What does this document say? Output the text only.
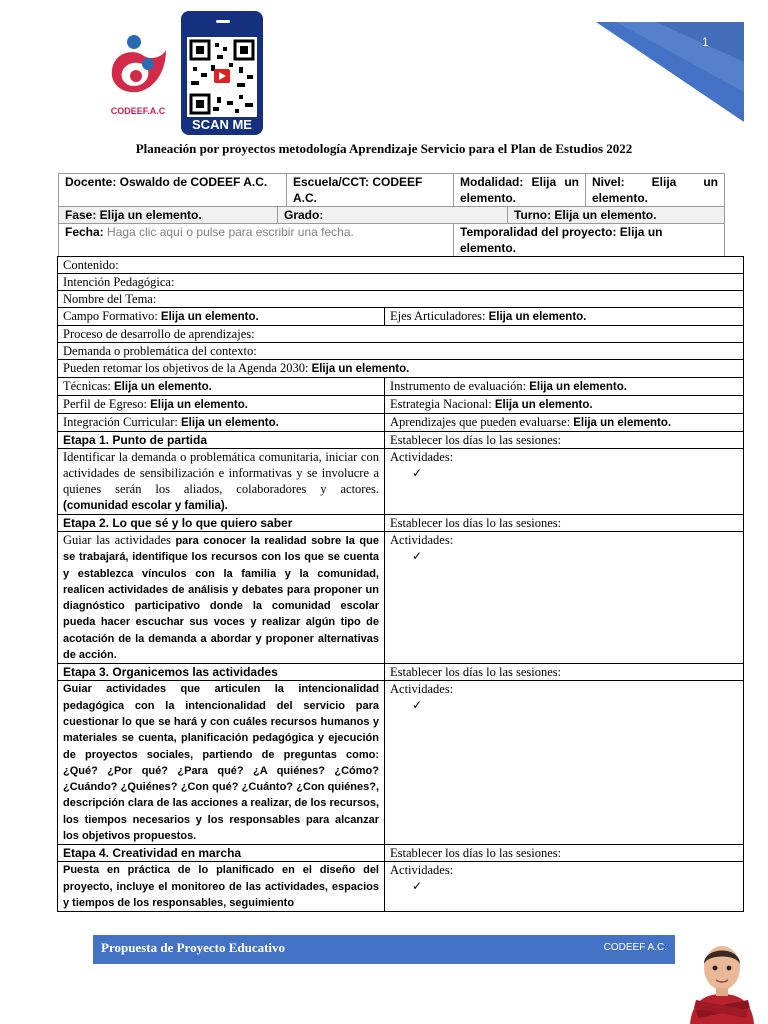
CODEEF.A.C
SCAN ME
1
Planeación por proyectos metodología Aprendizaje Servicio para el Plan de Estudios 2022
Docente: Oswaldo de CODEEF A.C.		Escuela/CCT: CODEEF A.C.	Modalidad: Elija un elemento.		Nivel: Elija un elemento.
Fase: Elija un elemento.	Grado:			Turno: Elija un elemento.	
Fecha: Haga clic aquí o pulse para escribir una fecha.			Temporalidad del proyecto: Elija un elemento.		
Contenido:	
Intención Pedagógica:	
Nombre del Tema:	
Campo Formativo: Elija un elemento.	Ejes Articuladores: Elija un elemento.
Proceso de desarrollo de aprendizajes:	
Demanda o problemática del contexto:	
Pueden retomar los objetivos de la Agenda 2030: Elija un elemento.	
Técnicas: Elija un elemento.	Instrumento de evaluación: Elija un elemento.
Perfil de Egreso: Elija un elemento.	Estrategia Nacional: Elija un elemento.
Integración Curricular: Elija un elemento.	Aprendizajes que pueden evaluarse: Elija un elemento.
Etapa 1. Punto de partida	Establecer los días lo las sesiones:
Identificar la demanda o problemática comunitaria, iniciar con actividades de sensibilización e informativas y se involucre a quienes serán los aliados, colaboradores y actores. (comunidad escolar y familia).	Actividades:
✓
Etapa 2. Lo que sé y lo que quiero saber	Establecer los días lo las sesiones:
Guiar las actividades para conocer la realidad sobre la que se trabajará, identifique los recursos con los que se cuenta y establezca vínculos con la familia y la comunidad, realicen actividades de análisis y debates para proponer un diagnóstico participativo donde la comunidad escolar pueda hacer escuchar sus voces y realizar algún tipo de acotación de la demanda a abordar y proponer alternativas de acción.	Actividades:
✓
Etapa 3. Organicemos las actividades	Establecer los días lo las sesiones:
Guiar actividades que articulen la intencionalidad pedagógica con la intencionalidad del servicio para cuestionar lo que se hará y con cuáles recursos humanos y materiales se cuenta, planificación pedagógica y ejecución de proyectos sociales, partiendo de preguntas como: ¿Qué? ¿Por qué? ¿Para qué? ¿A quiénes? ¿Cómo? ¿Cuándo? ¿Quiénes? ¿Con qué? ¿Cuánto? ¿Con quiénes?, descripción clara de las acciones a realizar, de los recursos, los tiempos necesarios y los responsables para alcanzar los objetivos propuestos.	Actividades:
✓
Etapa 4. Creatividad en marcha	Establecer los días lo las sesiones:
Puesta en práctica de lo planificado en el diseño del proyecto, incluye el monitoreo de las actividades, espacios y tiempos de los responsables, seguimiento	Actividades:
✓
Propuesta de Proyecto Educativo	CODEEF A.C.
